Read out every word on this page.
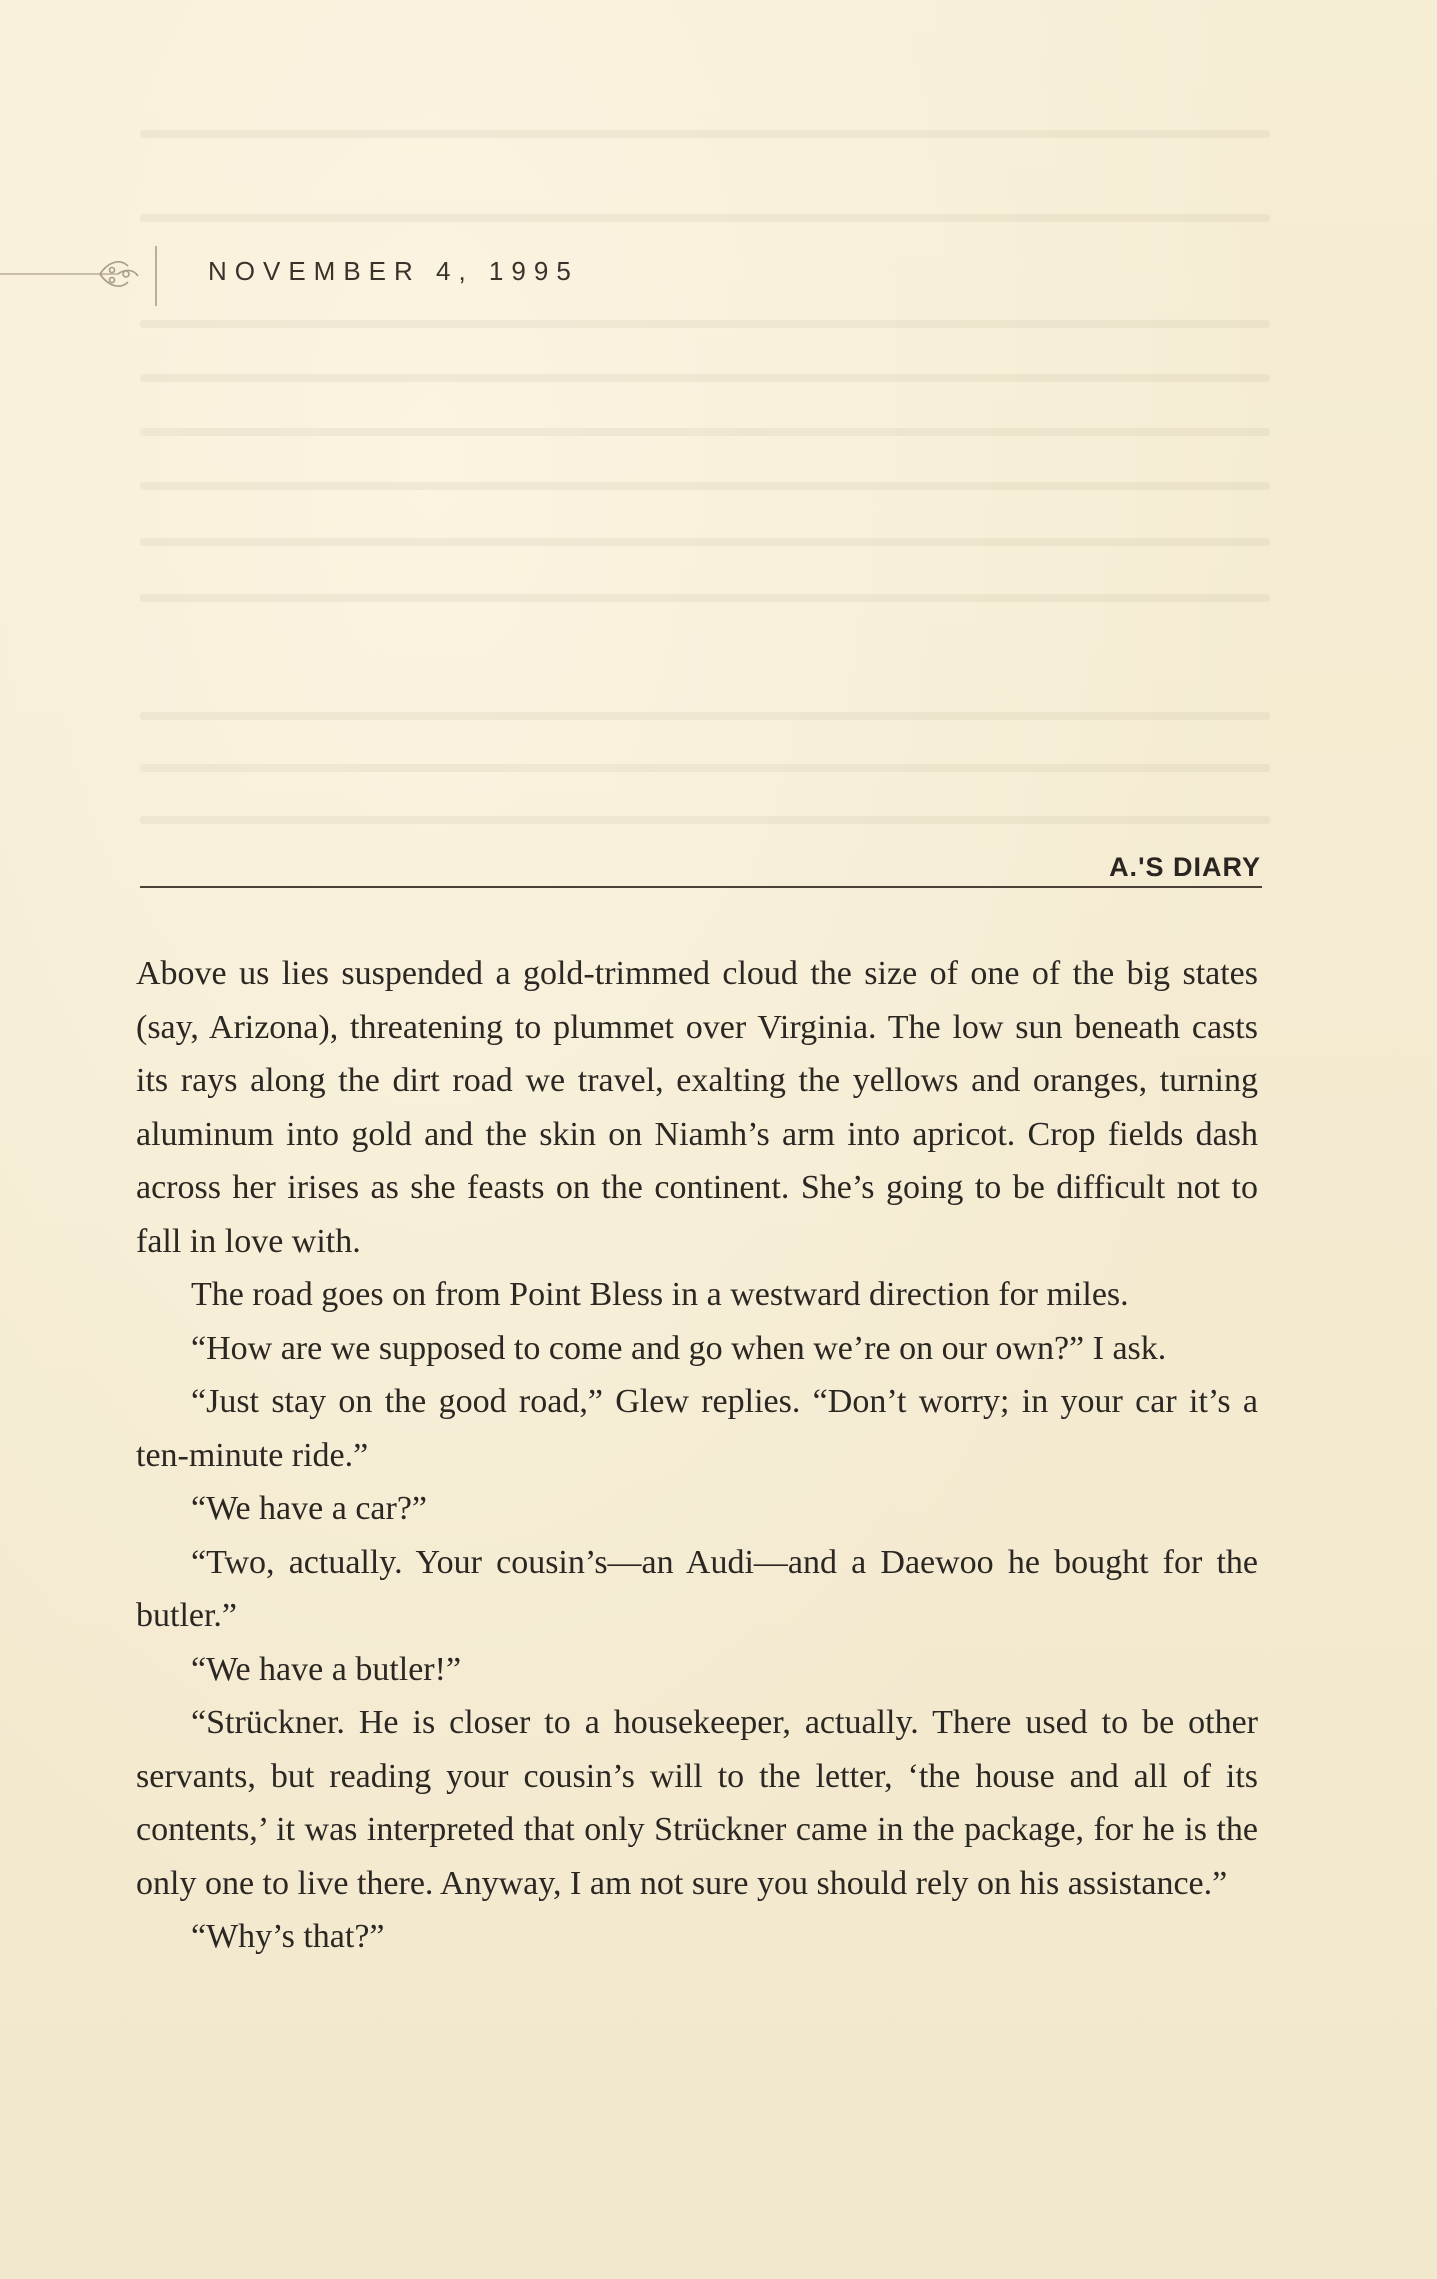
NOVEMBER 4, 1995
A.'S DIARY

Above us lies suspended a gold-trimmed cloud the size of one of the big states (say, Arizona), threatening to plummet over Virginia. The low sun beneath casts its rays along the dirt road we travel, exalting the yellows and oranges, turning aluminum into gold and the skin on Niamh’s arm into apricot. Crop fields dash across her irises as she feasts on the continent. She’s going to be difficult not to fall in love with.

The road goes on from Point Bless in a westward direction for miles.

“How are we supposed to come and go when we’re on our own?” I ask.

“Just stay on the good road,” Glew replies. “Don’t worry; in your car it’s a ten-minute ride.”

“We have a car?”

“Two, actually. Your cousin’s—an Audi—and a Daewoo he bought for the butler.”

“We have a butler!”

“Strückner. He is closer to a housekeeper, actually. There used to be other servants, but reading your cousin’s will to the letter, ‘the house and all of its contents,’ it was interpreted that only Strückner came in the package, for he is the only one to live there. Anyway, I am not sure you should rely on his assistance.”

“Why’s that?”
